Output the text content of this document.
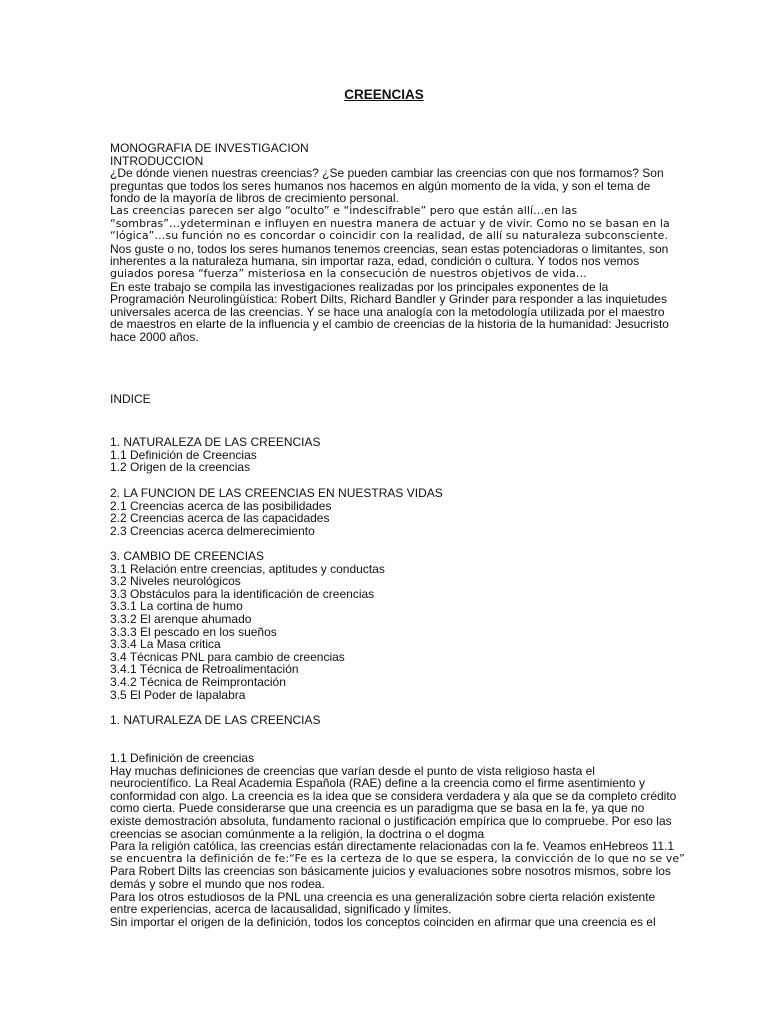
CREENCIAS
MONOGRAFIA DE INVESTIGACION
INTRODUCCION
¿De dónde vienen nuestras creencias? ¿Se pueden cambiar las creencias con que nos formamos? Son
preguntas que todos los seres humanos nos hacemos en algún momento de la vida, y son el tema de
fondo de la mayoría de libros de crecimiento personal.
Las creencias parecen ser algo “oculto” e “indescifrable” pero que están allí…en las
“sombras”…ydeterminan e influyen en nuestra manera de actuar y de vivir. Como no se basan en la
“lógica”…su función no es concordar o coincidir con la realidad, de allí su naturaleza subconsciente.
Nos guste o no, todos los seres humanos tenemos creencias, sean estas potenciadoras o limitantes, son
inherentes a la naturaleza humana, sin importar raza, edad, condición o cultura. Y todos nos vemos
guiados poresa “fuerza” misteriosa en la consecución de nuestros objetivos de vida…
En este trabajo se compila las investigaciones realizadas por los principales exponentes de la
Programación Neurolingüística: Robert Dilts, Richard Bandler y Grinder para responder a las inquietudes
universales acerca de las creencias. Y se hace una analogía con la metodología utilizada por el maestro
de maestros en elarte de la influencia y el cambio de creencias de la historia de la humanidad: Jesucristo
hace 2000 años.
INDICE
1. NATURALEZA DE LAS CREENCIAS
1.1 Definición de Creencias
1.2 Origen de la creencias
2. LA FUNCION DE LAS CREENCIAS EN NUESTRAS VIDAS
2.1 Creencias acerca de las posibilidades
2.2 Creencias acerca de las capacidades
2.3 Creencias acerca delmerecimiento
3. CAMBIO DE CREENCIAS
3.1 Relación entre creencias, aptitudes y conductas
3.2 Niveles neurológicos
3.3 Obstáculos para la identificación de creencias
3.3.1 La cortina de humo
3.3.2 El arenque ahumado
3.3.3 El pescado en los sueños
3.3.4 La Masa critica
3.4 Técnicas PNL para cambio de creencias
3.4.1 Técnica de Retroalimentación
3.4.2 Técnica de Reimprontación
3.5 El Poder de lapalabra
1. NATURALEZA DE LAS CREENCIAS
1.1 Definición de creencias
Hay muchas definiciones de creencias que varían desde el punto de vista religioso hasta el
neurocientífico. La Real Academia Española (RAE) define a la creencia como el firme asentimiento y
conformidad con algo. La creencia es la idea que se considera verdadera y ala que se da completo crédito
como cierta. Puede considerarse que una creencia es un paradigma que se basa en la fe, ya que no
existe demostración absoluta, fundamento racional o justificación empírica que lo compruebe. Por eso las
creencias se asocian comúnmente a la religión, la doctrina o el dogma
Para la religión católica, las creencias están directamente relacionadas con la fe. Veamos enHebreos 11.1
se encuentra la definición de fe:“Fe es la certeza de lo que se espera, la convicción de lo que no se ve”
Para Robert Dilts las creencias son básicamente juicios y evaluaciones sobre nosotros mismos, sobre los
demás y sobre el mundo que nos rodea.
Para los otros estudiosos de la PNL una creencia es una generalización sobre cierta relación existente
entre experiencias, acerca de lacausalidad, significado y límites.
Sin importar el origen de la definición, todos los conceptos coinciden en afirmar que una creencia es el
